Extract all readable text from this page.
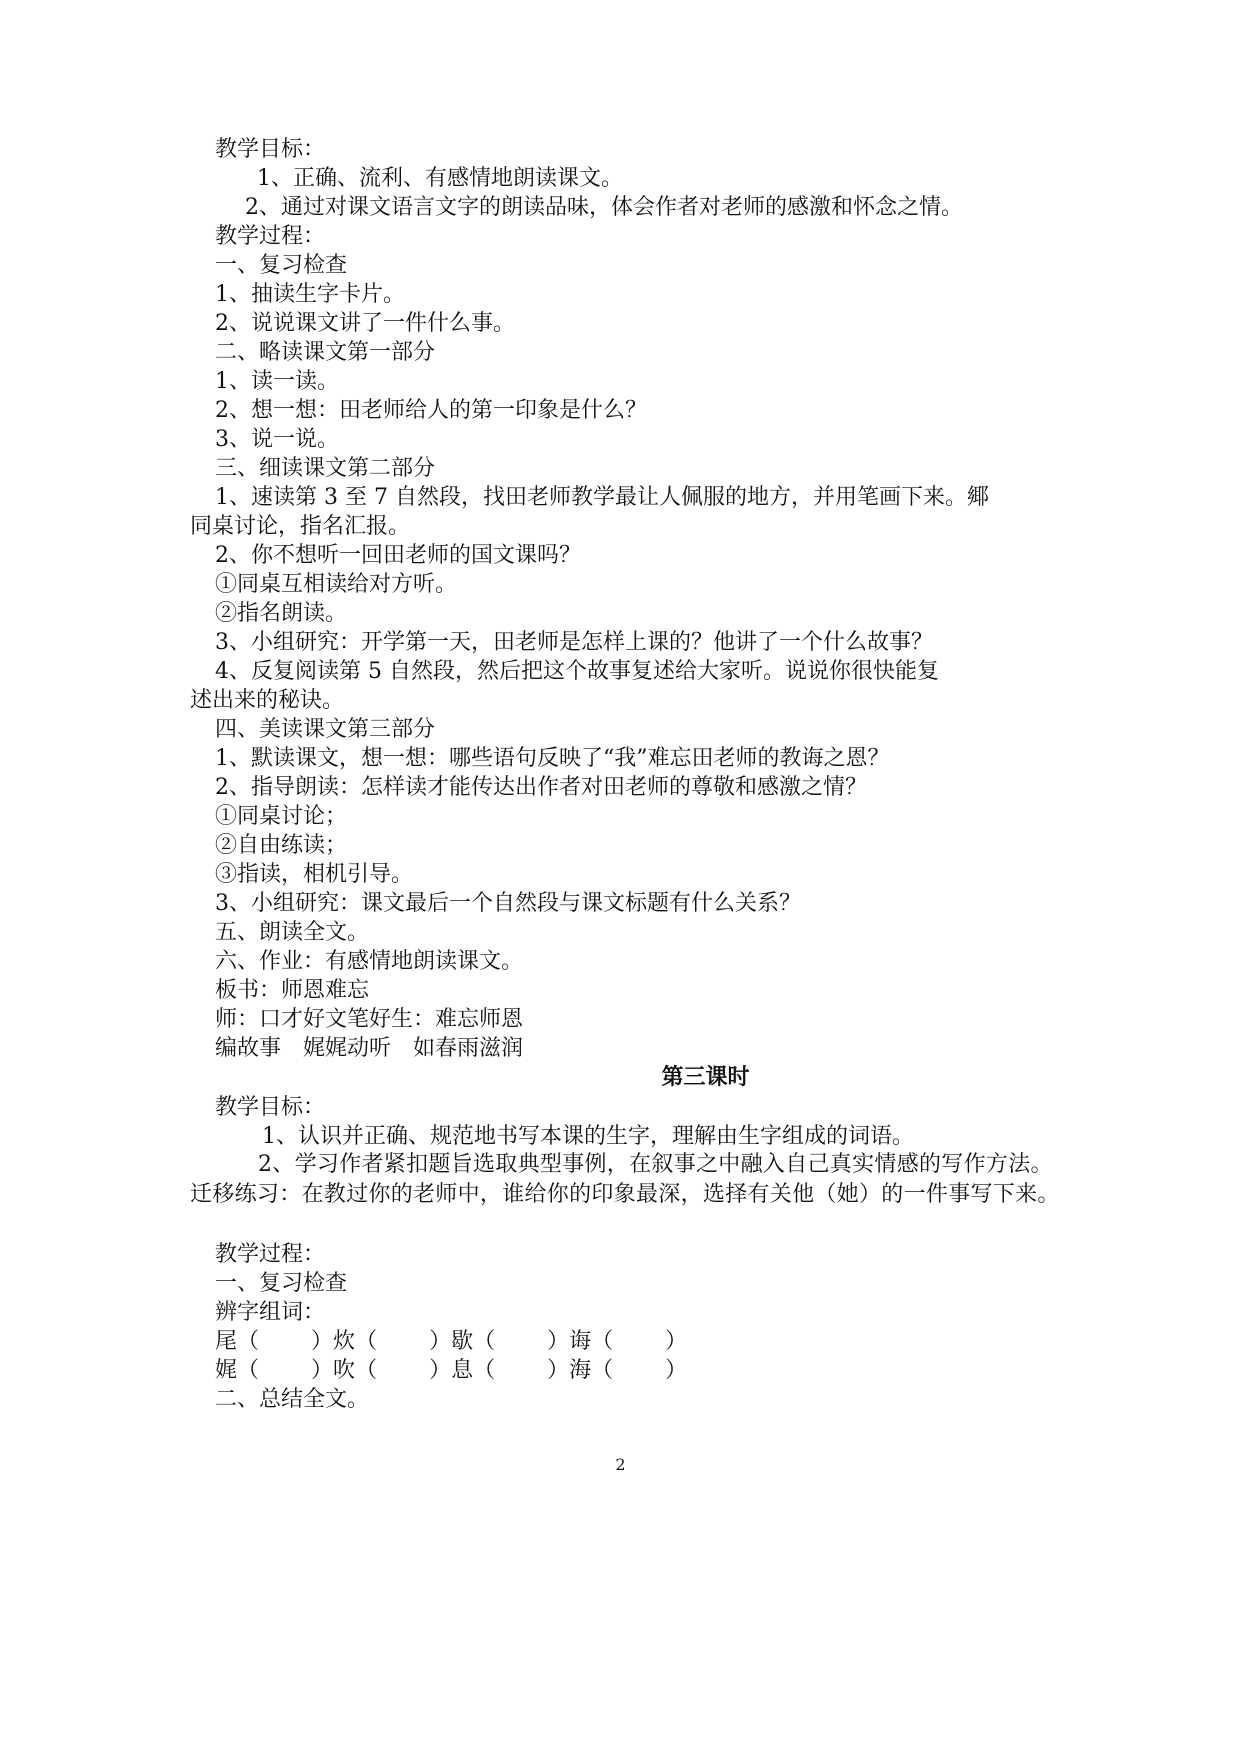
教学目标：
1、正确、流利、有感情地朗读课文。
2、通过对课文语言文字的朗读品味，体会作者对老师的感激和怀念之情。
教学过程：
一、复习检查
1、抽读生字卡片。
2、说说课文讲了一件什么事。
二、略读课文第一部分
1、读一读。
2、想一想：田老师给人的第一印象是什么？
3、说一说。
三、细读课文第二部分
1、速读第 3 至 7 自然段，找田老师教学最让人佩服的地方，并用笔画下来。鄊
同桌讨论，指名汇报。
2、你不想听一回田老师的国文课吗？
①同桌互相读给对方听。
②指名朗读。
3、小组研究：开学第一天，田老师是怎样上课的？他讲了一个什么故事？
4、反复阅读第 5 自然段，然后把这个故事复述给大家听。说说你很快能复
述出来的秘诀。
四、美读课文第三部分
1、默读课文，想一想：哪些语句反映了“我”难忘田老师的教诲之恩？
2、指导朗读：怎样读才能传达出作者对田老师的尊敬和感激之情？
①同桌讨论；
②自由练读；
③指读，相机引导。
3、小组研究：课文最后一个自然段与课文标题有什么关系？
五、朗读全文。
六、作业：有感情地朗读课文。
板书：师恩难忘
师：口才好文笔好生：难忘师恩
编故事　娓娓动听　如春雨滋润
第三课时
教学目标：
1、认识并正确、规范地书写本课的生字，理解由生字组成的词语。
2、学习作者紧扣题旨选取典型事例，在叙事之中融入自己真实情感的写作方法。迁移练习：在教过你的老师中，谁给你的印象最深，选择有关他（她）的一件事写下来。
教学过程：
一、复习检查
辨字组词：
尾（ ）炊（ ）歇（ ）诲（ ）
娓（ ）吹（ ）息（ ）海（ ）
二、总结全文。
2
